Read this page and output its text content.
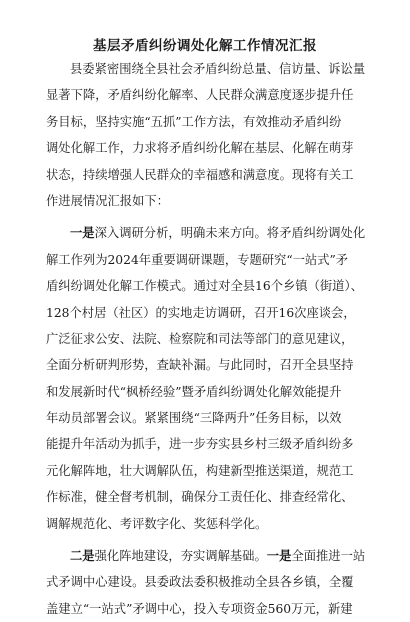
基层矛盾纠纷调处化解工作情况汇报
县委紧密围绕全县社会矛盾纠纷总量、信访量、诉讼量
显著下降，矛盾纠纷化解率、人民群众满意度逐步提升任
务目标，坚持实施“五抓”工作方法，有效推动矛盾纠纷
调处化解工作，力求将矛盾纠纷化解在基层、化解在萌芽
状态，持续增强人民群众的幸福感和满意度。现将有关工
作进展情况汇报如下：
一是深入调研分析，明确未来方向。将矛盾纠纷调处化
解工作列为2024年重要调研课题，专题研究“一站式”矛
盾纠纷调处化解工作模式。通过对全县16个乡镇（街道）、
128个村居（社区）的实地走访调研，召开16次座谈会，
广泛征求公安、法院、检察院和司法等部门的意见建议，
全面分析研判形势，查缺补漏。与此同时，召开全县坚持
和发展新时代“枫桥经验”暨矛盾纠纷调处化解效能提升
年动员部署会议。紧紧围绕“三降两升”任务目标，以效
能提升年活动为抓手，进一步夯实县乡村三级矛盾纠纷多
元化解阵地，壮大调解队伍，构建新型推送渠道，规范工
作标准，健全督考机制，确保分工责任化、排查经常化、
调解规范化、考评数字化、奖惩科学化。
二是强化阵地建设，夯实调解基础。一是全面推进一站
式矛调中心建设。县委政法委积极推动全县各乡镇，全覆
盖建立“一站式”矛调中心，投入专项资金560万元，新建
